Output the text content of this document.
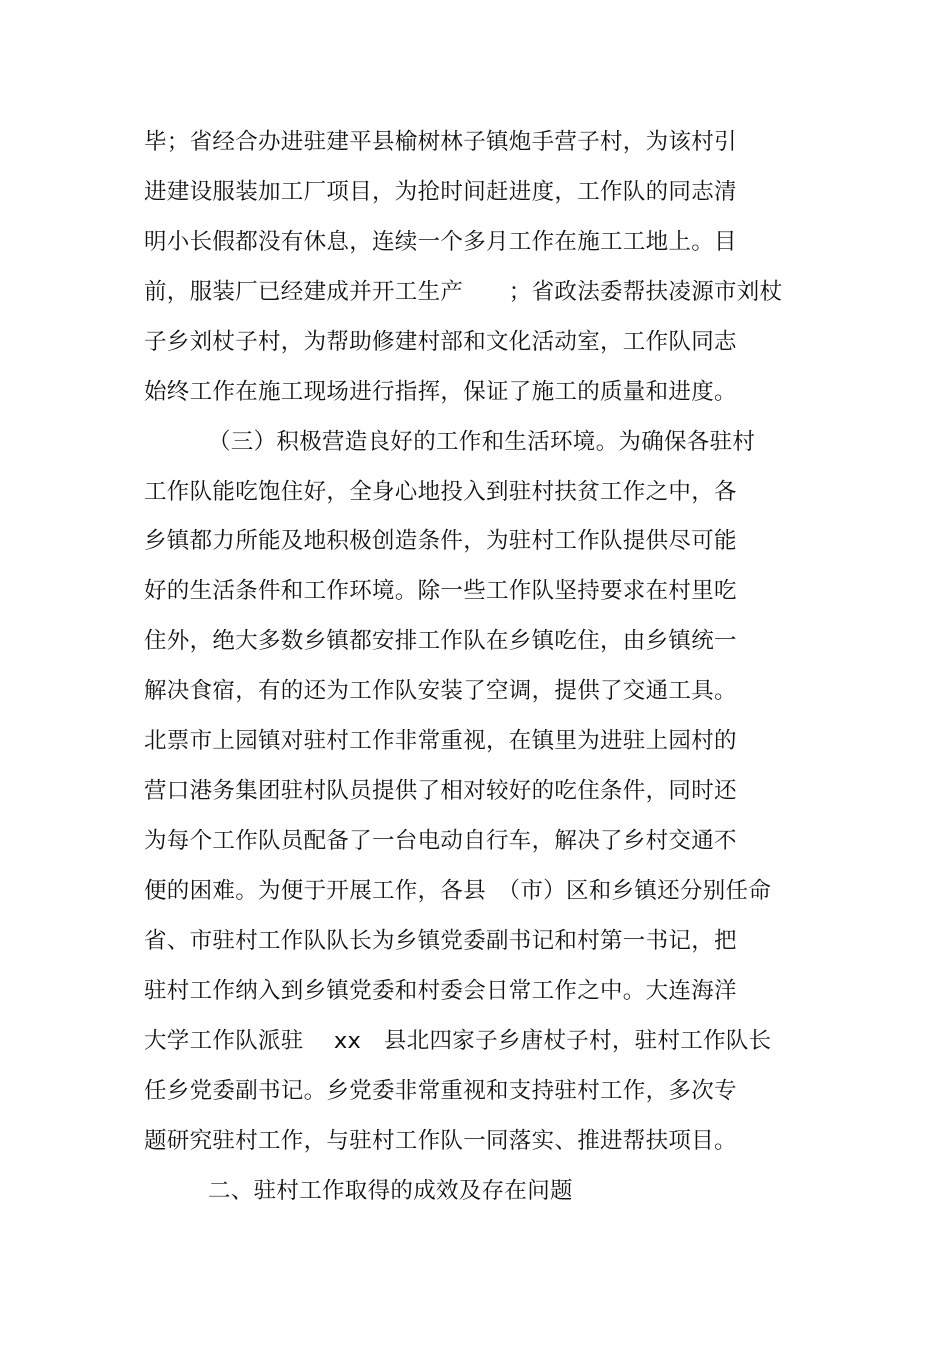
毕；省经合办进驻建平县榆树林子镇炮手营子村，为该村引
进建设服装加工厂项目，为抢时间赶进度，工作队的同志清
明小长假都没有休息，连续一个多月工作在施工工地上。目
前，服装厂已经建成并开工生产　　；省政法委帮扶凌源市刘杖
子乡刘杖子村，为帮助修建村部和文化活动室，工作队同志
始终工作在施工现场进行指挥，保证了施工的质量和进度。
（三）积极营造良好的工作和生活环境。为确保各驻村
工作队能吃饱住好，全身心地投入到驻村扶贫工作之中，各
乡镇都力所能及地积极创造条件，为驻村工作队提供尽可能
好的生活条件和工作环境。除一些工作队坚持要求在村里吃
住外，绝大多数乡镇都安排工作队在乡镇吃住，由乡镇统一
解决食宿，有的还为工作队安装了空调，提供了交通工具。
北票市上园镇对驻村工作非常重视，在镇里为进驻上园村的
营口港务集团驻村队员提供了相对较好的吃住条件，同时还
为每个工作队员配备了一台电动自行车，解决了乡村交通不
便的困难。为便于开展工作，各县　（市）区和乡镇还分别任命
省、市驻村工作队队长为乡镇党委副书记和村第一书记，把
驻村工作纳入到乡镇党委和村委会日常工作之中。大连海洋
大学工作队派驻　 xx　县北四家子乡唐杖子村，驻村工作队长
任乡党委副书记。乡党委非常重视和支持驻村工作，多次专
题研究驻村工作，与驻村工作队一同落实、推进帮扶项目。
二、驻村工作取得的成效及存在问题
